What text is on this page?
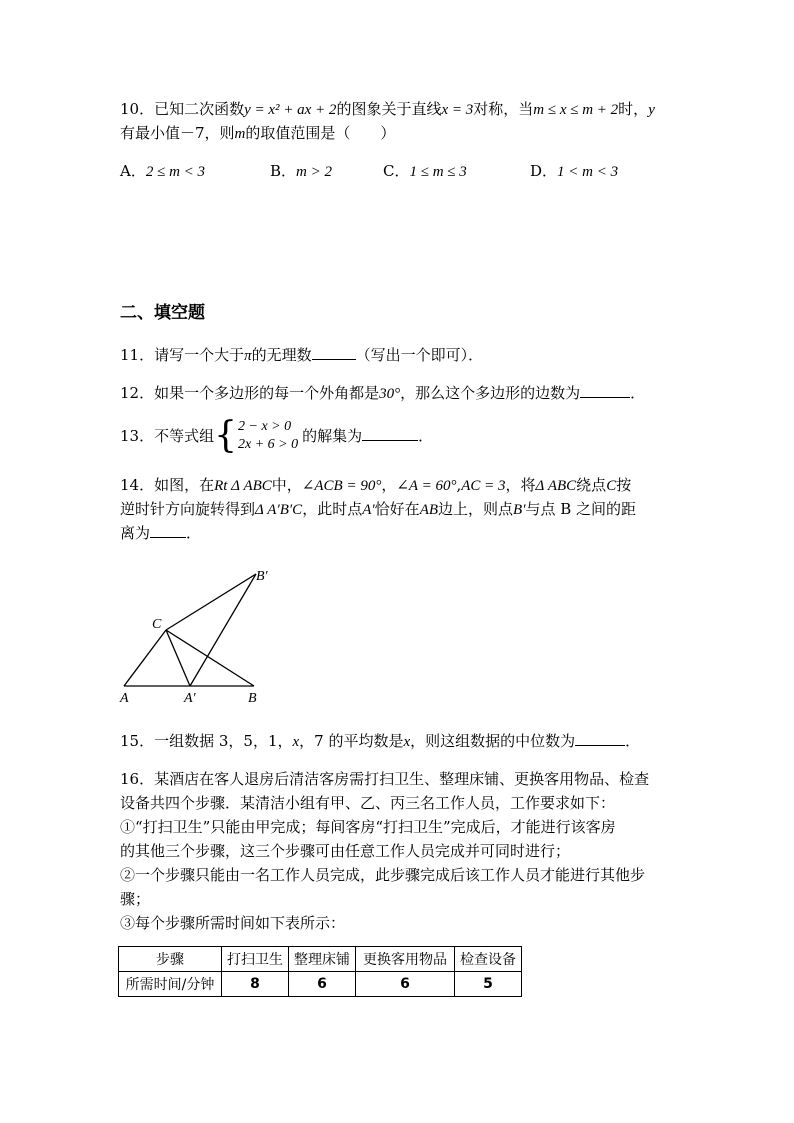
10．已知二次函数y = x² + ax + 2的图象关于直线x = 3对称，当m ≤ x ≤ m + 2时，y
有最小值－7，则m的取值范围是（　　）
A．2 ≤ m < 3	B．m > 2	C．1 ≤ m ≤ 3	D．1 < m < 3
二、填空题
11．请写一个大于π的无理数	（写出一个即可）．
12．如果一个多边形的每一个外角都是30°，那么这个多边形的边数为	．
13．不等式组{2 − x > 0
2x + 6 > 0 的解集为	．
14．如图，在Rt Δ ABC中，∠ACB = 90°，∠A = 60°,AC = 3，将Δ ABC绕点C按
逆时针方向旋转得到Δ A′B′C，此时点A′恰好在AB边上，则点B′与点 B 之间的距
离为 ．
A	A′	B
C
B′
15．一组数据 3，5，1，x，7 的平均数是x，则这组数据的中位数为	．
16．某酒店在客人退房后清洁客房需打扫卫生、整理床铺、更换客用物品、检查
设备共四个步骤．某清洁小组有甲、乙、丙三名工作人员，工作要求如下：
①“打扫卫生”只能由甲完成；每间客房“打扫卫生”完成后，才能进行该客房
的其他三个步骤，这三个步骤可由任意工作人员完成并可同时进行；
②一个步骤只能由一名工作人员完成，此步骤完成后该工作人员才能进行其他步
骤；
③每个步骤所需时间如下表所示：
步骤	打扫卫生	整理床铺	更换客用物品	检查设备
所需时间/分钟	8	6	6	5
